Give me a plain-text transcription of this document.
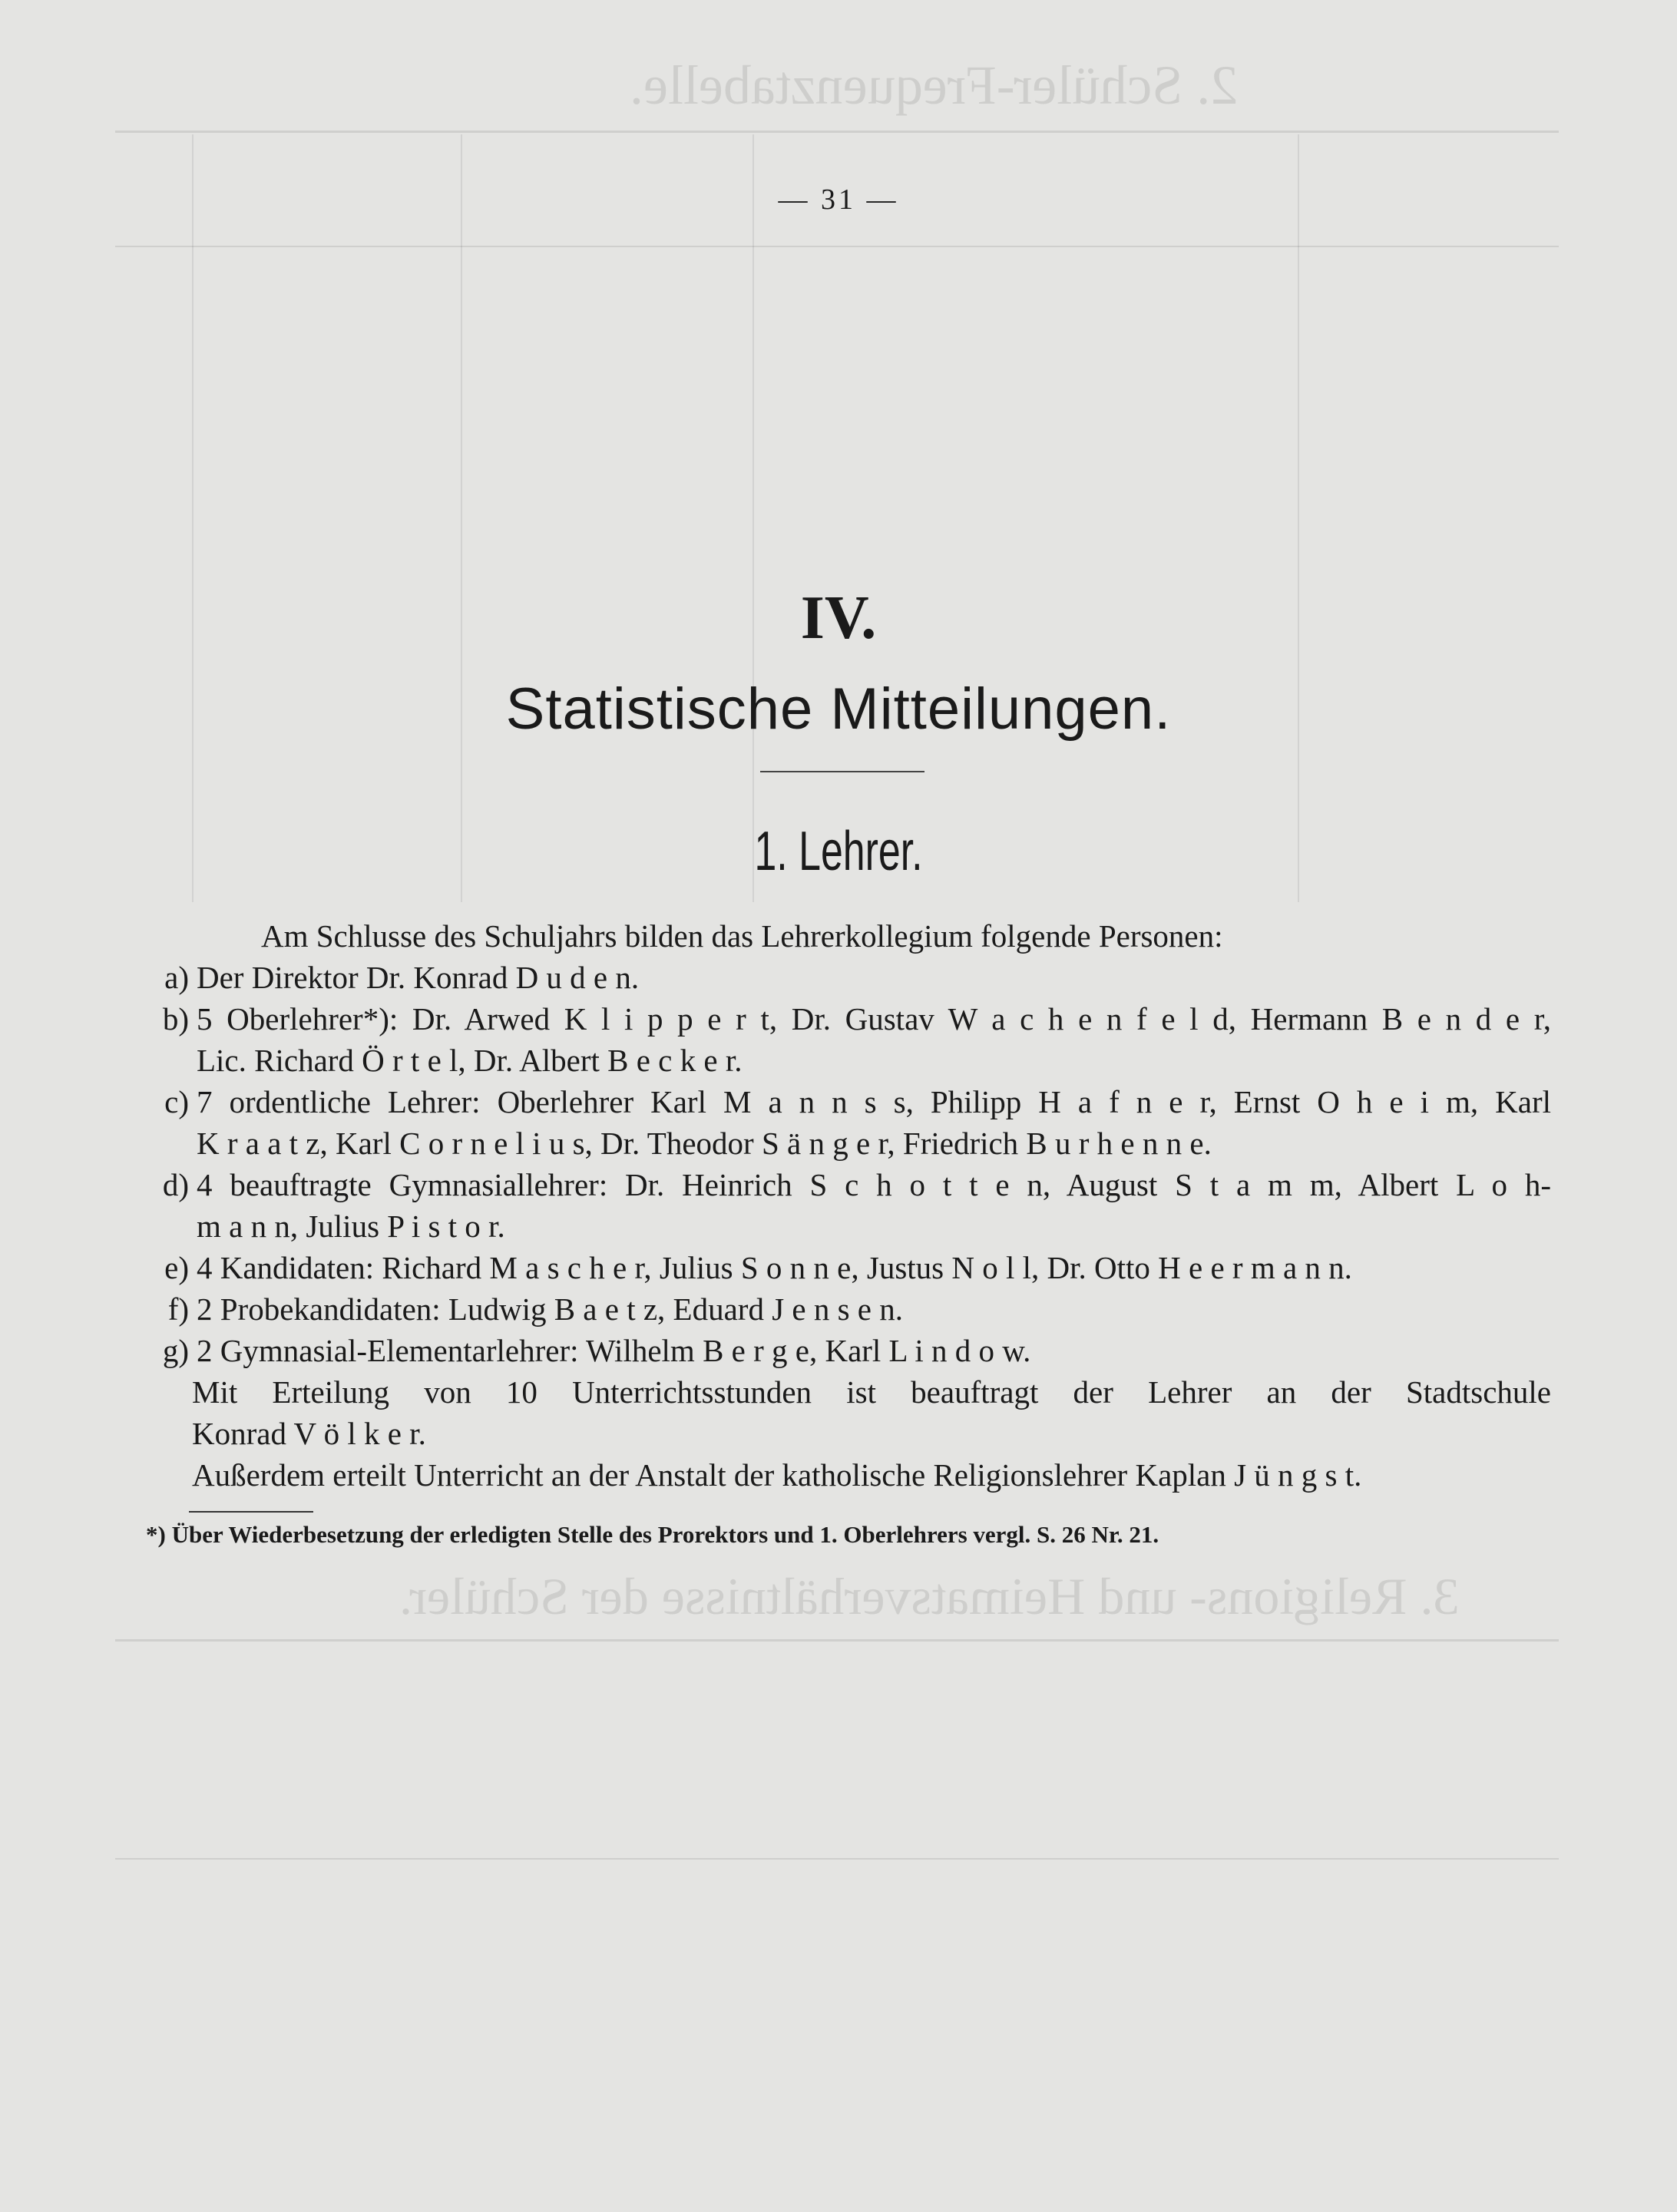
2. Schüler-Frequenztabelle.
3. Religions- und Heimatsverhältnisse der Schüler.
— 31 —
IV.
Statistische Mitteilungen.
1. Lehrer.
Am Schlusse des Schuljahrs bilden das Lehrerkollegium folgende Personen:
a) Der Direktor Dr. Konrad D u d e n.
b) 5 Oberlehrer*): Dr. Arwed K l i p p e r t, Dr. Gustav W a c h e n f e l d, Hermann B e n d e r,
Lic. Richard Ö r t e l, Dr. Albert B e c k e r.
c) 7 ordentliche Lehrer: Oberlehrer Karl M a n n s s, Philipp H a f n e r, Ernst O h e i m, Karl
K r a a t z, Karl C o r n e l i u s, Dr. Theodor S ä n g e r, Friedrich B u r h e n n e.
d) 4 beauftragte Gymnasiallehrer: Dr. Heinrich S c h o t t e n, August S t a m m, Albert L o h-
m a n n, Julius P i s t o r.
e) 4 Kandidaten: Richard M a s c h e r, Julius S o n n e, Justus N o l l, Dr. Otto H e e r m a n n.
f) 2 Probekandidaten: Ludwig B a e t z, Eduard J e n s e n.
g) 2 Gymnasial-Elementarlehrer: Wilhelm B e r g e, Karl L i n d o w.
Mit Erteilung von 10 Unterrichtsstunden ist beauftragt der Lehrer an der Stadtschule
Konrad V ö l k e r.
Außerdem erteilt Unterricht an der Anstalt der katholische Religionslehrer Kaplan J ü n g s t.
*) Über Wiederbesetzung der erledigten Stelle des Prorektors und 1. Oberlehrers vergl. S. 26 Nr. 21.
